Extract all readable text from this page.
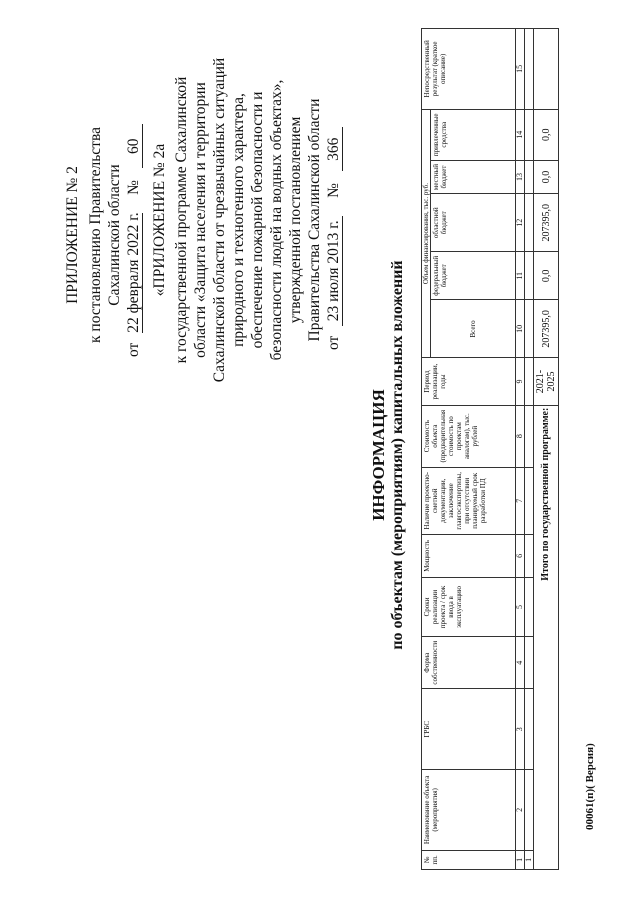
ПРИЛОЖЕНИЕ № 2 к постановлению Правительства Сахалинской области
от 22 февраля 2022 г. № 60 «ПРИЛОЖЕНИЕ № 2а к государственной программе Сахалинской области «Защита населения и территории Сахалинской области от чрезвычайных ситуаций природного и техногенного характера, обеспечение пожарной безопасности и безопасности людей на водных объектах», утвержденной постановлением Правительства Сахалинской области
от 23 июля 2013 г. № 366
ИНФОРМАЦИЯ по объектам (мероприятиям) капитальных вложений
№ пп.	Наименование объекта (мероприятия)	ГРБС	Форма собственности	Сроки реализации проекта / срок ввода в эксплуатацию	Мощность	Наличие проектно-сметной документации, заключение главгосэкспертизы, при отсутствии планируемый срок разработки ПД	Стоимость объекта (предварительная стоимость по проектам аналогам), тыс. рублей	Период реализации, годы	Объем финансирования, тыс. руб.					Непосредственный результат (краткое описание)
									Всего	федеральный бюджет	областной бюджет	местный бюджет	привлеченные средства	
1	2	3	4	5	6	7	8	9	10	11	12	13	14	15
1														
Итого по государственной программе:								2021-2025	207395,0	0,0	207395,0	0,0	0,0	
00061(п)( Версия)
